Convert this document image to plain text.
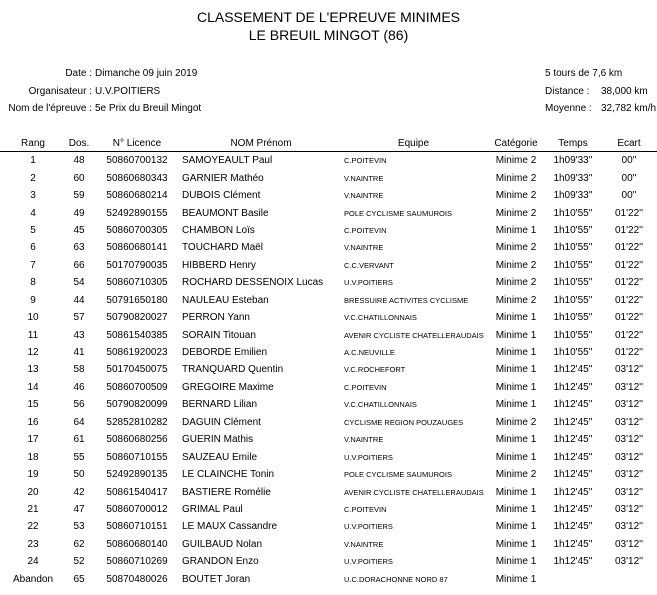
CLASSEMENT DE L'EPREUVE MINIMES
LE BREUIL MINGOT (86)
Date : Dimanche 09 juin 2019
Organisateur : U.V.POITIERS
Nom de l'épreuve : 5e Prix du Breuil Mingot
5 tours de 7,6 km
Distance : 38,000 km
Moyenne : 32,782 km/h
Rang	Dos.	N° Licence	NOM Prénom	Equipe	Catégorie	Temps	Ecart
1	48	50860700132	SAMOYEAULT Paul	C.POITEVIN	Minime 2	1h09'33''	00''
2	60	50860680343	GARNIER Mathéo	V.NAINTRE	Minime 2	1h09'33''	00''
3	59	50860680214	DUBOIS Clément	V.NAINTRE	Minime 2	1h09'33''	00''
4	49	52492890155	BEAUMONT Basile	POLE CYCLISME SAUMUROIS	Minime 2	1h10'55''	01'22''
5	45	50860700305	CHAMBON Loïs	C.POITEVIN	Minime 1	1h10'55''	01'22''
6	63	50860680141	TOUCHARD Maël	V.NAINTRE	Minime 2	1h10'55''	01'22''
7	66	50170790035	HIBBERD Henry	C.C.VERVANT	Minime 2	1h10'55''	01'22''
8	54	50860710305	ROCHARD DESSENOIX Lucas	U.V.POITIERS	Minime 2	1h10'55''	01'22''
9	44	50791650180	NAULEAU Esteban	BRESSUIRE ACTIVITES CYCLISME	Minime 2	1h10'55''	01'22''
10	57	50790820027	PERRON Yann	V.C.CHATILLONNAIS	Minime 1	1h10'55''	01'22''
11	43	50861540385	SORAIN Titouan	AVENIR CYCLISTE CHATELLERAUDAIS	Minime 1	1h10'55''	01'22''
12	41	50861920023	DEBORDE Emilien	A.C.NEUVILLE	Minime 1	1h10'55''	01'22''
13	58	50170450075	TRANQUARD Quentin	V.C.ROCHEFORT	Minime 1	1h12'45''	03'12''
14	46	50860700509	GREGOIRE Maxime	C.POITEVIN	Minime 1	1h12'45''	03'12''
15	56	50790820099	BERNARD Lilian	V.C.CHATILLONNAIS	Minime 1	1h12'45''	03'12''
16	64	52852810282	DAGUIN Clément	CYCLISME REGION POUZAUGES	Minime 2	1h12'45''	03'12''
17	61	50860680256	GUERIN Mathis	V.NAINTRE	Minime 1	1h12'45''	03'12''
18	55	50860710155	SAUZEAU Emile	U.V.POITIERS	Minime 1	1h12'45''	03'12''
19	50	52492890135	LE CLAINCHE Tonin	POLE CYCLISME SAUMUROIS	Minime 2	1h12'45''	03'12''
20	42	50861540417	BASTIERE Romélie	AVENIR CYCLISTE CHATELLERAUDAIS	Minime 1	1h12'45''	03'12''
21	47	50860700012	GRIMAL Paul	C.POITEVIN	Minime 1	1h12'45''	03'12''
22	53	50860710151	LE MAUX Cassandre	U.V.POITIERS	Minime 1	1h12'45''	03'12''
23	62	50860680140	GUILBAUD Nolan	V.NAINTRE	Minime 1	1h12'45''	03'12''
24	52	50860710269	GRANDON Enzo	U.V.POITIERS	Minime 1	1h12'45''	03'12''
Abandon	65	50870480026	BOUTET Joran	U.C.DORACHONNE NORD 87	Minime 1		
